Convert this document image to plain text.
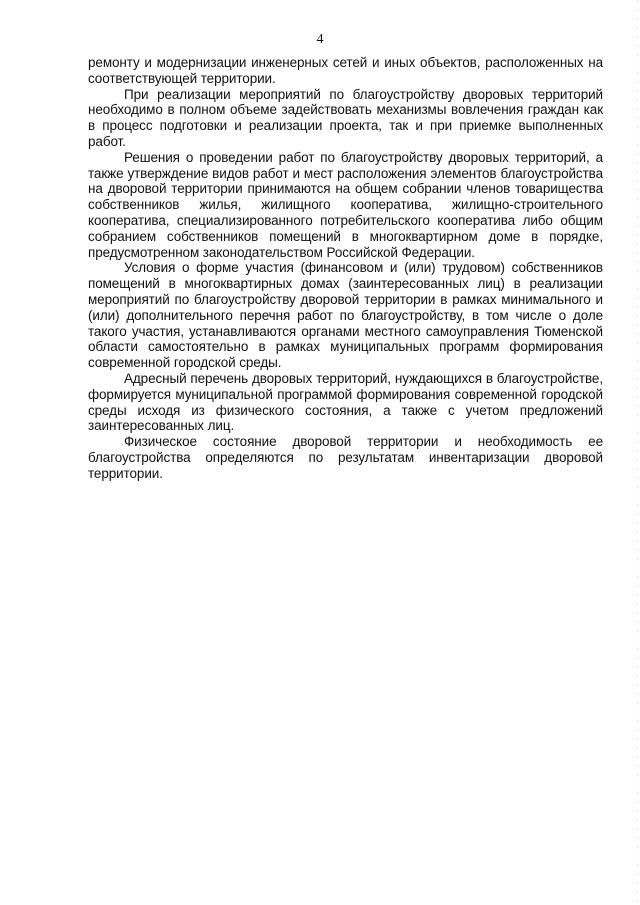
4

ремонту и модернизации инженерных сетей и иных объектов, расположенных на соответствующей территории.

При реализации мероприятий по благоустройству дворовых территорий необходимо в полном объеме задействовать механизмы вовлечения граждан как в процесс подготовки и реализации проекта, так и при приемке выполненных работ.

Решения о проведении работ по благоустройству дворовых территорий, а также утверждение видов работ и мест расположения элементов благоустройства на дворовой территории принимаются на общем собрании членов товарищества собственников жилья, жилищного кооператива, жилищно-строительного кооператива, специализированного потребительского кооператива либо общим собранием собственников помещений в многоквартирном доме в порядке, предусмотренном законодательством Российской Федерации.

Условия о форме участия (финансовом и (или) трудовом) собственников помещений в многоквартирных домах (заинтересованных лиц) в реализации мероприятий по благоустройству дворовой территории в рамках минимального и (или) дополнительного перечня работ по благоустройству, в том числе о доле такого участия, устанавливаются органами местного самоуправления Тюменской области самостоятельно в рамках муниципальных программ формирования современной городской среды.

Адресный перечень дворовых территорий, нуждающихся в благоустройстве, формируется муниципальной программой формирования современной городской среды исходя из физического состояния, а также с учетом предложений заинтересованных лиц.

Физическое состояние дворовой территории и необходимость ее благоустройства определяются по результатам инвентаризации дворовой территории.
